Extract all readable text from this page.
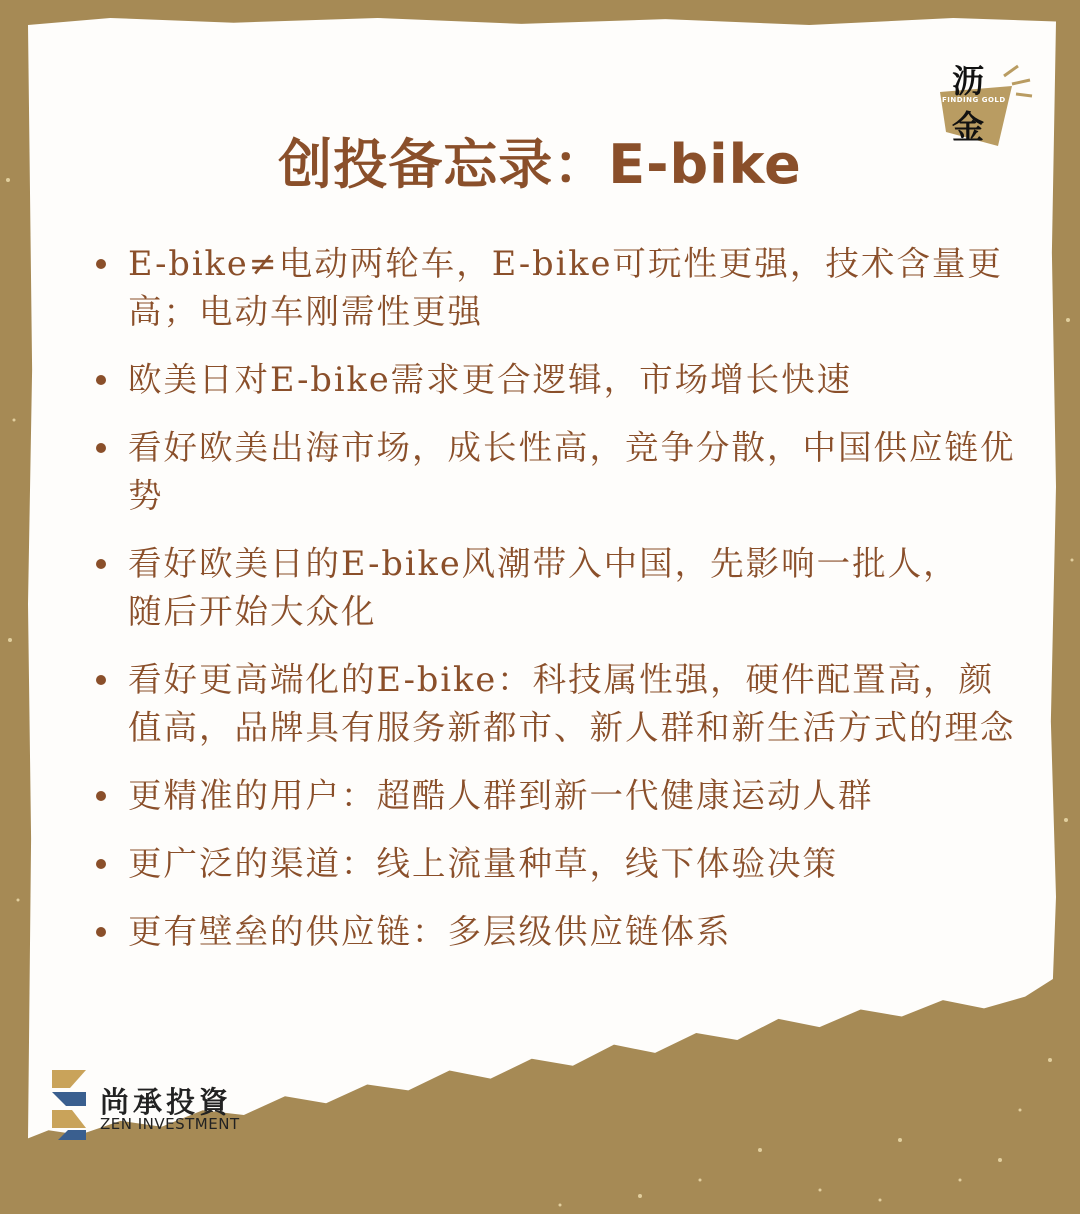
沥
FINDING GOLD
金
创投备忘录：E-bike
E-bike≠电动两轮车，E-bike可玩性更强，技术含量更高；电动车刚需性更强
欧美日对E-bike需求更合逻辑，市场增长快速
看好欧美出海市场，成长性高，竞争分散，中国供应链优势
看好欧美日的E-bike风潮带入中国，先影响一批人，随后开始大众化
看好更高端化的E-bike：科技属性强，硬件配置高，颜值高，品牌具有服务新都市、新人群和新生活方式的理念
更精准的用户：超酷人群到新一代健康运动人群
更广泛的渠道：线上流量种草，线下体验决策
更有壁垒的供应链：多层级供应链体系
尚承投資
ZEN INVESTMENT
